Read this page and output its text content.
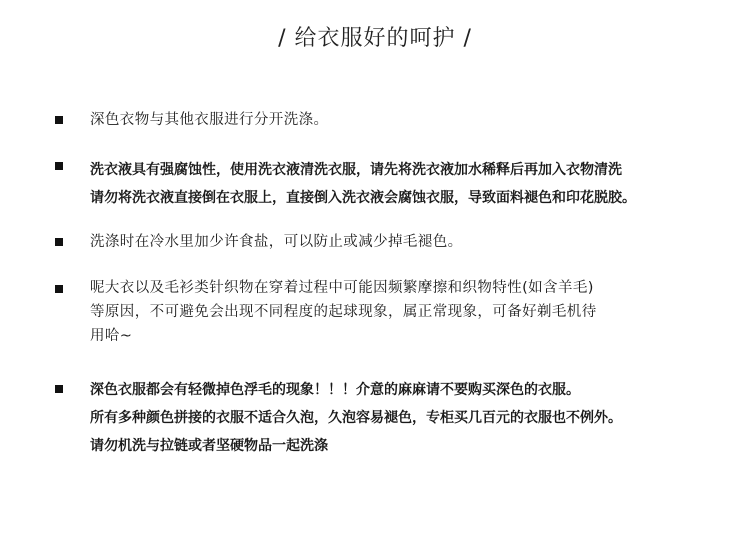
/ 给衣服好的呵护 /
深色衣物与其他衣服进行分开洗涤。
洗衣液具有强腐蚀性，使用洗衣液清洗衣服，请先将洗衣液加水稀释后再加入衣物清洗
请勿将洗衣液直接倒在衣服上，直接倒入洗衣液会腐蚀衣服，导致面料褪色和印花脱胶。
洗涤时在冷水里加少许食盐，可以防止或减少掉毛褪色。
呢大衣以及毛衫类针织物在穿着过程中可能因频繁摩擦和织物特性(如含羊毛)
等原因，不可避免会出现不同程度的起球现象，属正常现象，可备好剃毛机待
用哈~
深色衣服都会有轻微掉色浮毛的现象！！！介意的麻麻请不要购买深色的衣服。
所有多种颜色拼接的衣服不适合久泡，久泡容易褪色，专柜买几百元的衣服也不例外。
请勿机洗与拉链或者坚硬物品一起洗涤
